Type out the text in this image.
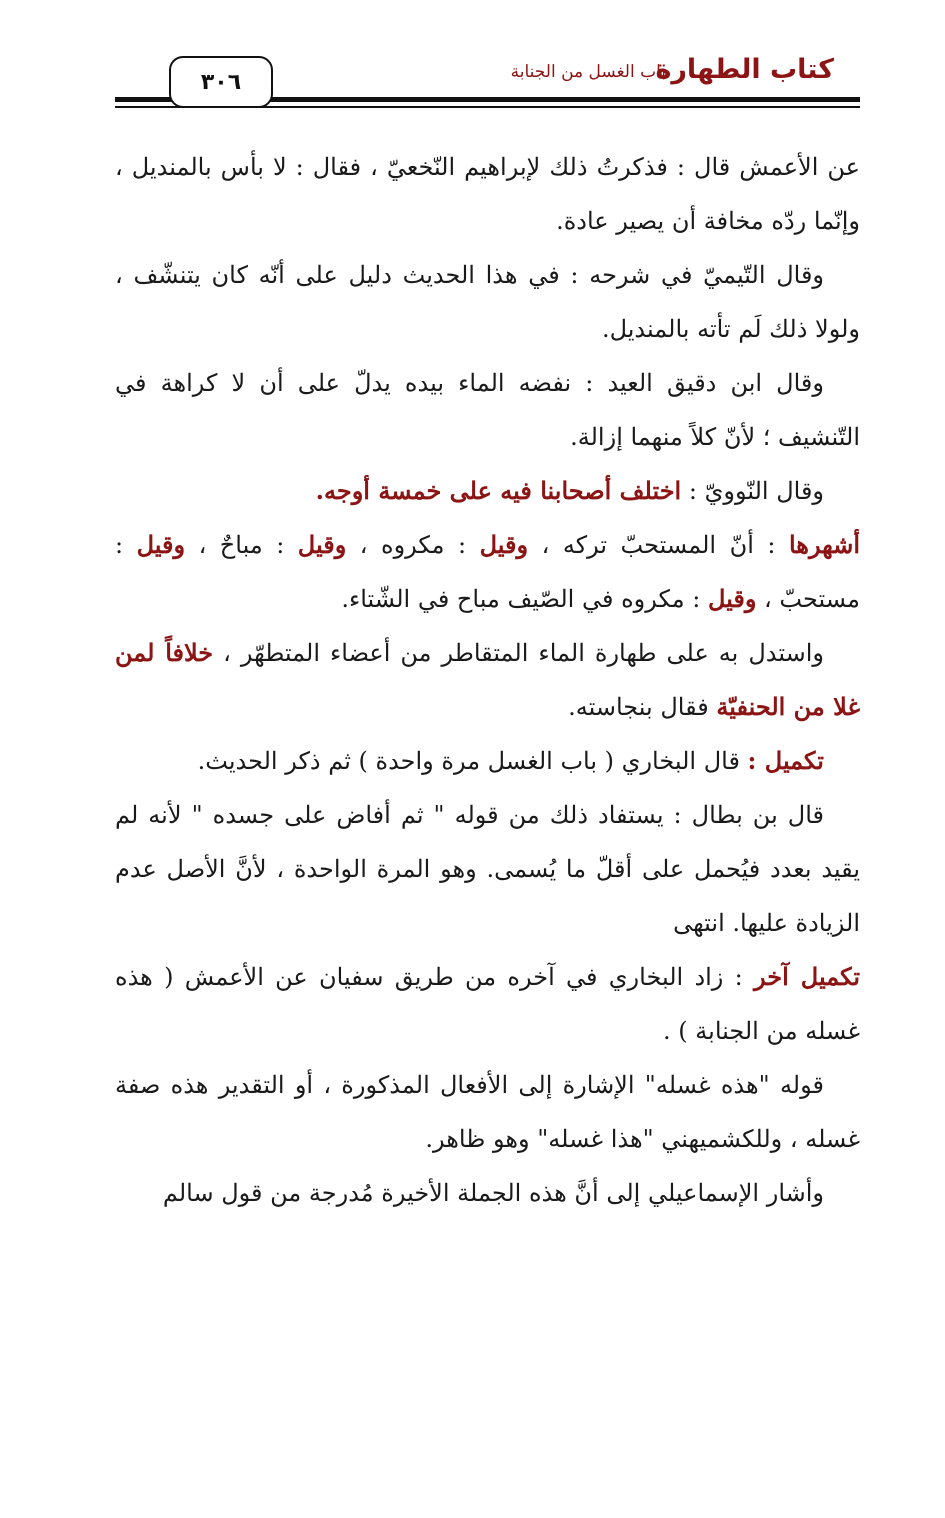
كتاب الطهارة
باب الغسل من الجنابة
٣٠٦

عن الأعمش قال : فذكرتُ ذلك لإبراهيم النّخعيّ ، فقال : لا بأس بالمنديل ، وإنّما ردّه مخافة أن يصير عادة.

وقال التّيميّ في شرحه : في هذا الحديث دليل على أنّه كان يتنشّف ، ولولا ذلك لَم تأته بالمنديل.

وقال ابن دقيق العيد : نفضه الماء بيده يدلّ على أن لا كراهة في التّنشيف ؛ لأنّ كلاً منهما إزالة.

وقال النّوويّ : اختلف أصحابنا فيه على خمسة أوجه.

أشهرها : أنّ المستحبّ تركه ، وقيل : مكروه ، وقيل : مباحٌ ، وقيل : مستحبّ ، وقيل : مكروه في الصّيف مباح في الشّتاء.

واستدل به على طهارة الماء المتقاطر من أعضاء المتطهّر ، خلافاً لمن غلا من الحنفيّة فقال بنجاسته.

تكميل : قال البخاري ( باب الغسل مرة واحدة ) ثم ذكر الحديث.

قال بن بطال : يستفاد ذلك من قوله " ثم أفاض على جسده " لأنه لم يقيد بعدد فيُحمل على أقلّ ما يُسمى. وهو المرة الواحدة ، لأنَّ الأصل عدم الزيادة عليها. انتهى

تكميل آخر : زاد البخاري في آخره من طريق سفيان عن الأعمش ( هذه غسله من الجنابة ) .

قوله "هذه غسله" الإشارة إلى الأفعال المذكورة ، أو التقدير هذه صفة غسله ، وللكشميهني "هذا غسله" وهو ظاهر.

وأشار الإسماعيلي إلى أنَّ هذه الجملة الأخيرة مُدرجة من قول سالم
